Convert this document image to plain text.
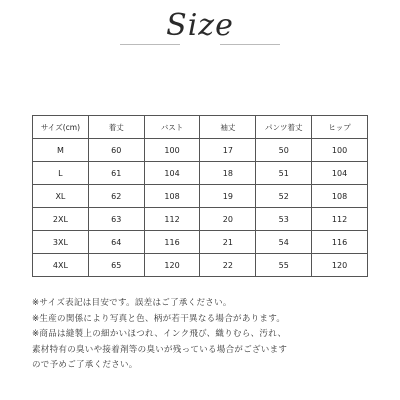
Size
サイズ(cm)	着丈	バスト	袖丈	パンツ着丈	ヒップ
M	60	100	17	50	100
L	61	104	18	51	104
XL	62	108	19	52	108
2XL	63	112	20	53	112
3XL	64	116	21	54	116
4XL	65	120	22	55	120
※サイズ表記は目安です。誤差はご了承ください。
※生産の関係により写真と色、柄が若干異なる場合があります。
※商品は縫製上の細かいほつれ、インク飛び、織りむら、汚れ、
素材特有の臭いや接着剤等の臭いが残っている場合がございます
ので予めご了承ください。
